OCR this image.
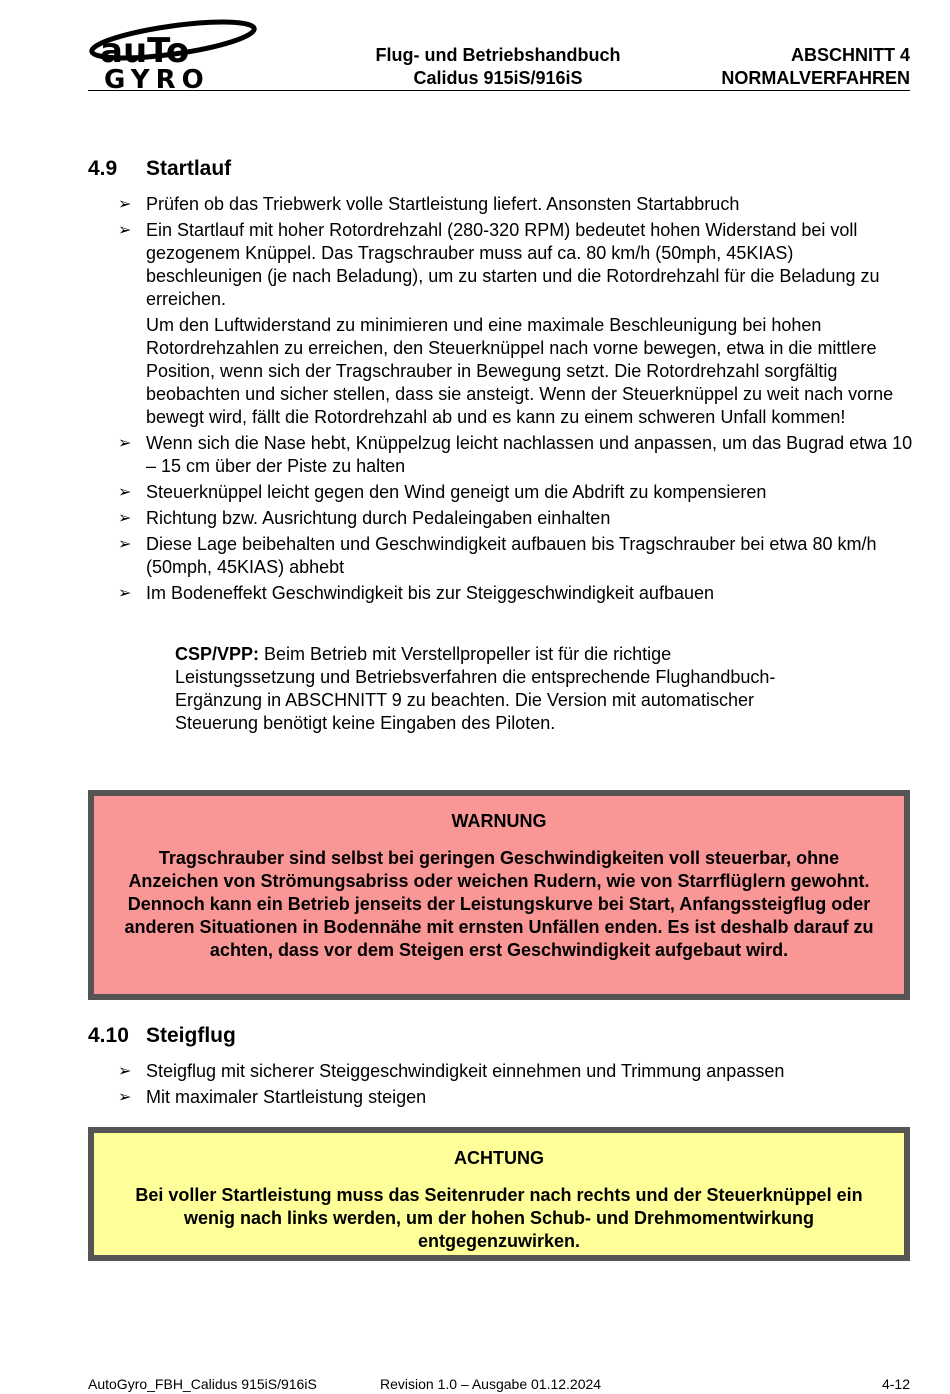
auTo
GYRO
Flug- und Betriebshandbuch
Calidus 915iS/916iS
ABSCHNITT 4
NORMALVERFAHREN
4.9 Startlauf
➢ Prüfen ob das Triebwerk volle Startleistung liefert. Ansonsten Startabbruch
➢ Ein Startlauf mit hoher Rotordrehzahl (280-320 RPM) bedeutet hohen Widerstand bei voll gezogenem Knüppel. Das Tragschrauber muss auf ca. 80 km/h (50mph, 45KIAS) beschleunigen (je nach Beladung), um zu starten und die Rotordrehzahl für die Beladung zu erreichen.
Um den Luftwiderstand zu minimieren und eine maximale Beschleunigung bei hohen Rotordrehzahlen zu erreichen, den Steuerknüppel nach vorne bewegen, etwa in die mittlere Position, wenn sich der Tragschrauber in Bewegung setzt. Die Rotordrehzahl sorgfältig beobachten und sicher stellen, dass sie ansteigt. Wenn der Steuerknüppel zu weit nach vorne bewegt wird, fällt die Rotordrehzahl ab und es kann zu einem schweren Unfall kommen!
➢ Wenn sich die Nase hebt, Knüppelzug leicht nachlassen und anpassen, um das Bugrad etwa 10 – 15 cm über der Piste zu halten
➢ Steuerknüppel leicht gegen den Wind geneigt um die Abdrift zu kompensieren
➢ Richtung bzw. Ausrichtung durch Pedaleingaben einhalten
➢ Diese Lage beibehalten und Geschwindigkeit aufbauen bis Tragschrauber bei etwa 80 km/h (50mph, 45KIAS) abhebt
➢ Im Bodeneffekt Geschwindigkeit bis zur Steiggeschwindigkeit aufbauen
CSP/VPP: Beim Betrieb mit Verstellpropeller ist für die richtige Leistungssetzung und Betriebsverfahren die entsprechende Flughandbuch-Ergänzung in ABSCHNITT 9 zu beachten. Die Version mit automatischer Steuerung benötigt keine Eingaben des Piloten.
WARNUNG
Tragschrauber sind selbst bei geringen Geschwindigkeiten voll steuerbar, ohne Anzeichen von Strömungsabriss oder weichen Rudern, wie von Starrflüglern gewohnt. Dennoch kann ein Betrieb jenseits der Leistungskurve bei Start, Anfangssteigflug oder anderen Situationen in Bodennähe mit ernsten Unfällen enden. Es ist deshalb darauf zu achten, dass vor dem Steigen erst Geschwindigkeit aufgebaut wird.
4.10 Steigflug
➢ Steigflug mit sicherer Steiggeschwindigkeit einnehmen und Trimmung anpassen
➢ Mit maximaler Startleistung steigen
ACHTUNG
Bei voller Startleistung muss das Seitenruder nach rechts und der Steuerknüppel ein wenig nach links werden, um der hohen Schub- und Drehmomentwirkung entgegenzuwirken.
AutoGyro_FBH_Calidus 915iS/916iS	Revision 1.0 – Ausgabe 01.12.2024	4-12
